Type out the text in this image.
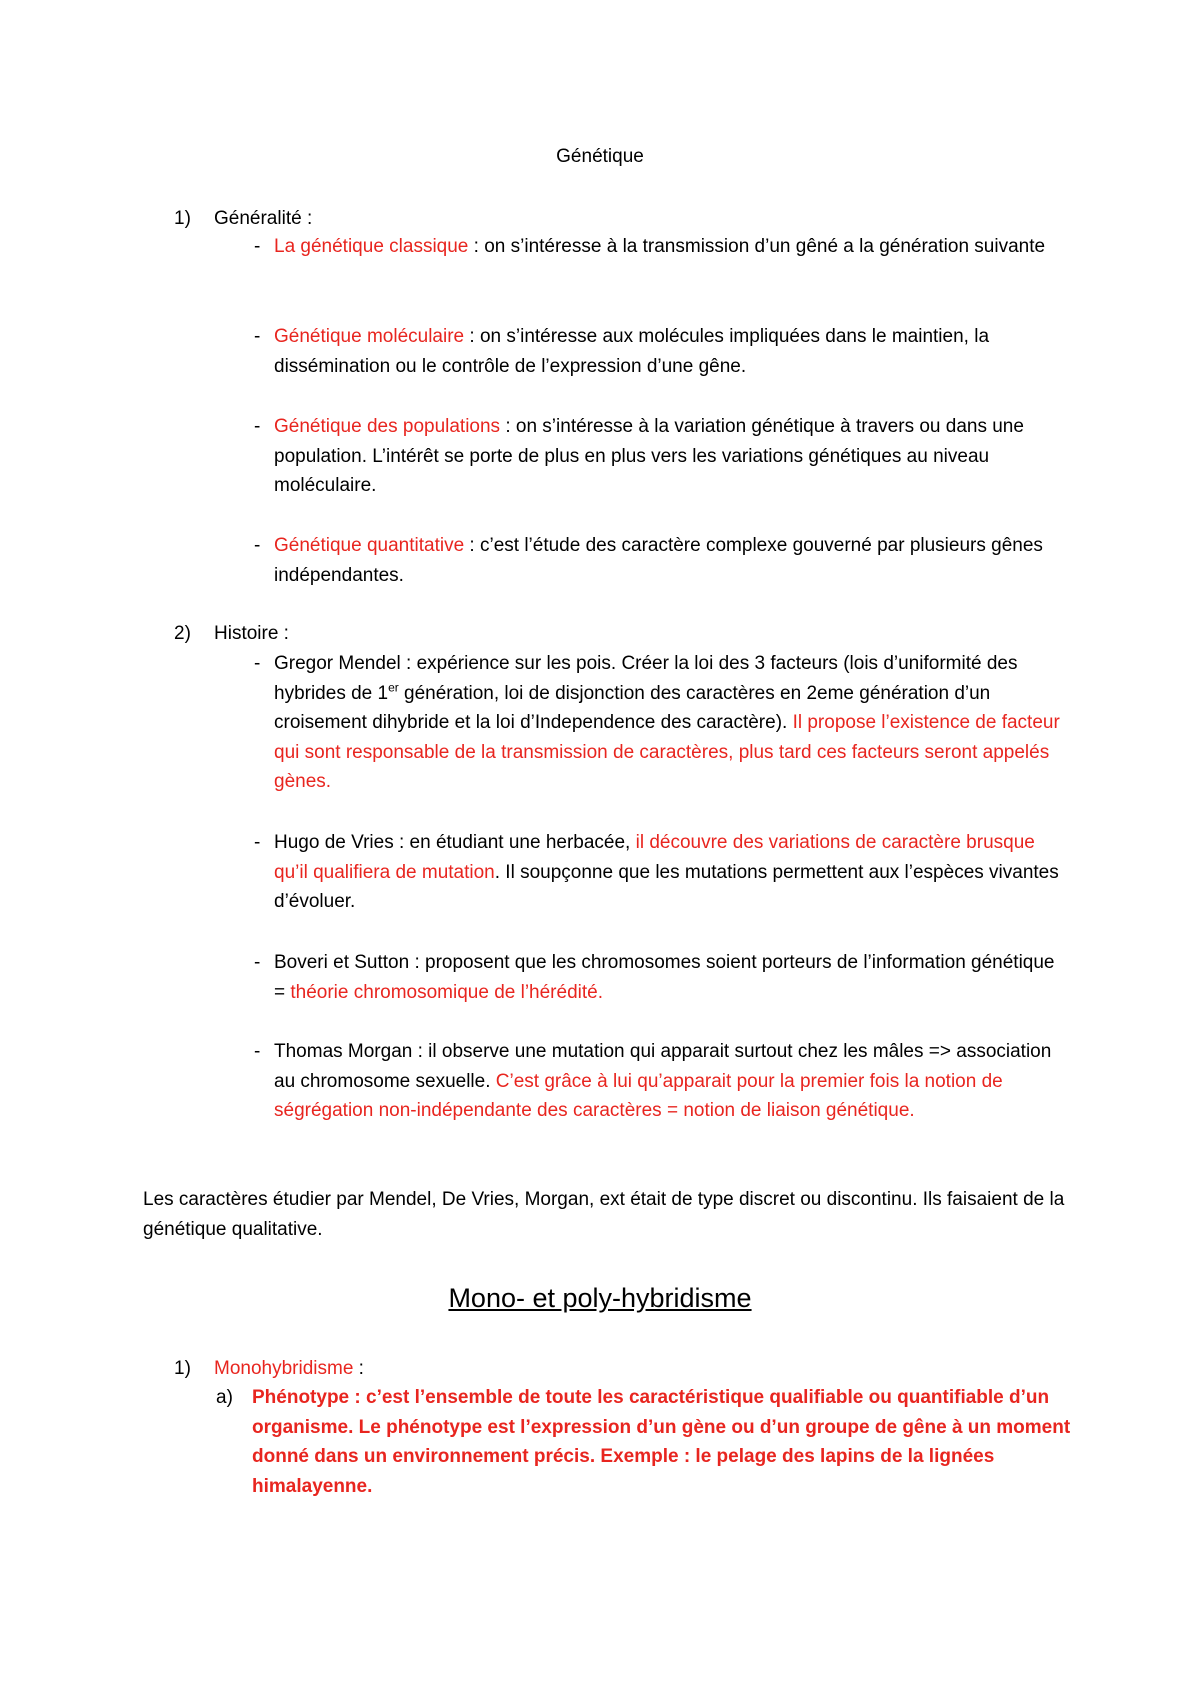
Génétique
1) Généralité :
- La génétique classique : on s’intéresse à la transmission d’un gêné a la génération suivante
- Génétique moléculaire : on s’intéresse aux molécules impliquées dans le maintien, la dissémination ou le contrôle de l’expression d’une gêne.
- Génétique des populations : on s’intéresse à la variation génétique à travers ou dans une population. L’intérêt se porte de plus en plus vers les variations génétiques au niveau moléculaire.
- Génétique quantitative : c’est l’étude des caractère complexe gouverné par plusieurs gênes indépendantes.
2) Histoire :
- Gregor Mendel : expérience sur les pois. Créer la loi des 3 facteurs (lois d’uniformité des hybrides de 1er génération, loi de disjonction des caractères en 2eme génération d’un croisement dihybride et la loi d’Independence des caractère). Il propose l’existence de facteur qui sont responsable de la transmission de caractères, plus tard ces facteurs seront appelés gènes.
- Hugo de Vries : en étudiant une herbacée, il découvre des variations de caractère brusque qu’il qualifiera de mutation. Il soupçonne que les mutations permettent aux l’espèces vivantes d’évoluer.
- Boveri et Sutton : proposent que les chromosomes soient porteurs de l’information génétique = théorie chromosomique de l’hérédité.
- Thomas Morgan : il observe une mutation qui apparait surtout chez les mâles => association au chromosome sexuelle. C’est grâce à lui qu’apparait pour la premier fois la notion de ségrégation non-indépendante des caractères = notion de liaison génétique.
Les caractères étudier par Mendel, De Vries, Morgan, ext était de type discret ou discontinu. Ils faisaient de la génétique qualitative.
Mono- et poly-hybridisme
1) Monohybridisme :
a) Phénotype : c’est l’ensemble de toute les caractéristique qualifiable ou quantifiable d’un organisme. Le phénotype est l’expression d’un gène ou d’un groupe de gêne à un moment donné dans un environnement précis. Exemple : le pelage des lapins de la lignées himalayenne.
